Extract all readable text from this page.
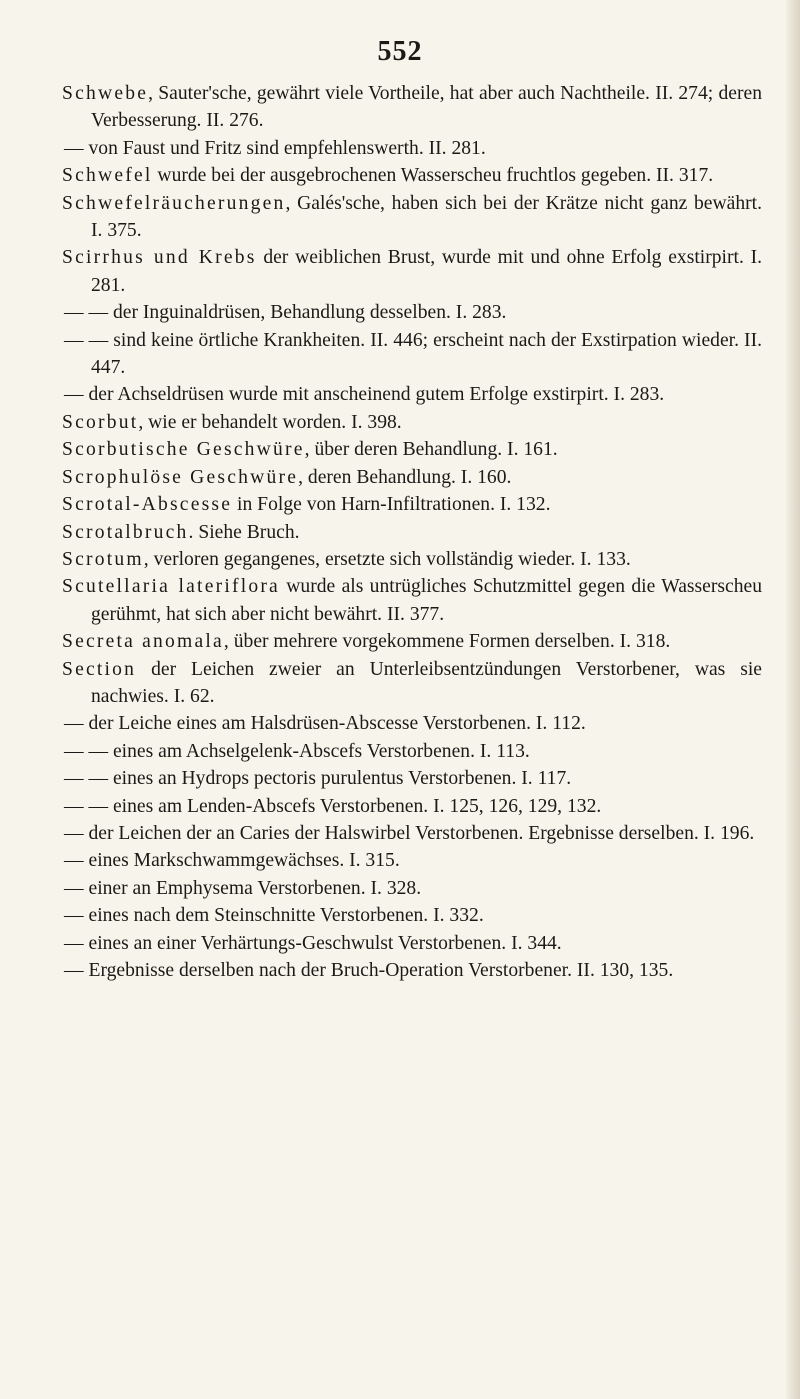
552
Schwebe, Sauter'sche, gewährt viele Vortheile, hat aber auch Nachtheile. II. 274; deren Verbesserung. II. 276.
— von Faust und Fritz sind empfehlenswerth. II. 281.
Schwefel wurde bei der ausgebrochenen Wasserscheu fruchtlos gegeben. II. 317.
Schwefelräucherungen, Galés'sche, haben sich bei der Krätze nicht ganz bewährt. I. 375.
Scirrhus und Krebs der weiblichen Brust, wurde mit und ohne Erfolg exstirpirt. I. 281.
— — der Inguinaldrüsen, Behandlung desselben. I. 283.
— — sind keine örtliche Krankheiten. II. 446; erscheint nach der Exstirpation wieder. II. 447.
— der Achseldrüsen wurde mit anscheinend gutem Erfolge exstirpirt. I. 283.
Scorbut, wie er behandelt worden. I. 398.
Scorbutische Geschwüre, über deren Behandlung. I. 161.
Scrophulöse Geschwüre, deren Behandlung. I. 160.
Scrotal-Abscesse in Folge von Harn-Infiltrationen. I. 132.
Scrotalbruch. Siehe Bruch.
Scrotum, verloren gegangenes, ersetzte sich vollständig wieder. I. 133.
Scutellaria lateriflora wurde als untrügliches Schutzmittel gegen die Wasserscheu gerühmt, hat sich aber nicht bewährt. II. 377.
Secreta anomala, über mehrere vorgekommene Formen derselben. I. 318.
Section der Leichen zweier an Unterleibsentzündungen Verstorbener, was sie nachwies. I. 62.
— der Leiche eines am Halsdrüsen-Abscesse Verstorbenen. I. 112.
— — eines am Achselgelenk-Abscefs Verstorbenen. I. 113.
— — eines an Hydrops pectoris purulentus Verstorbenen. I. 117.
— — eines am Lenden-Abscefs Verstorbenen. I. 125, 126, 129, 132.
— der Leichen der an Caries der Halswirbel Verstorbenen. Ergebnisse derselben. I. 196.
— eines Markschwammgewächses. I. 315.
— einer an Emphysema Verstorbenen. I. 328.
— eines nach dem Steinschnitte Verstorbenen. I. 332.
— eines an einer Verhärtungs-Geschwulst Verstorbenen. I. 344.
— Ergebnisse derselben nach der Bruch-Operation Verstorbener. II. 130, 135.
